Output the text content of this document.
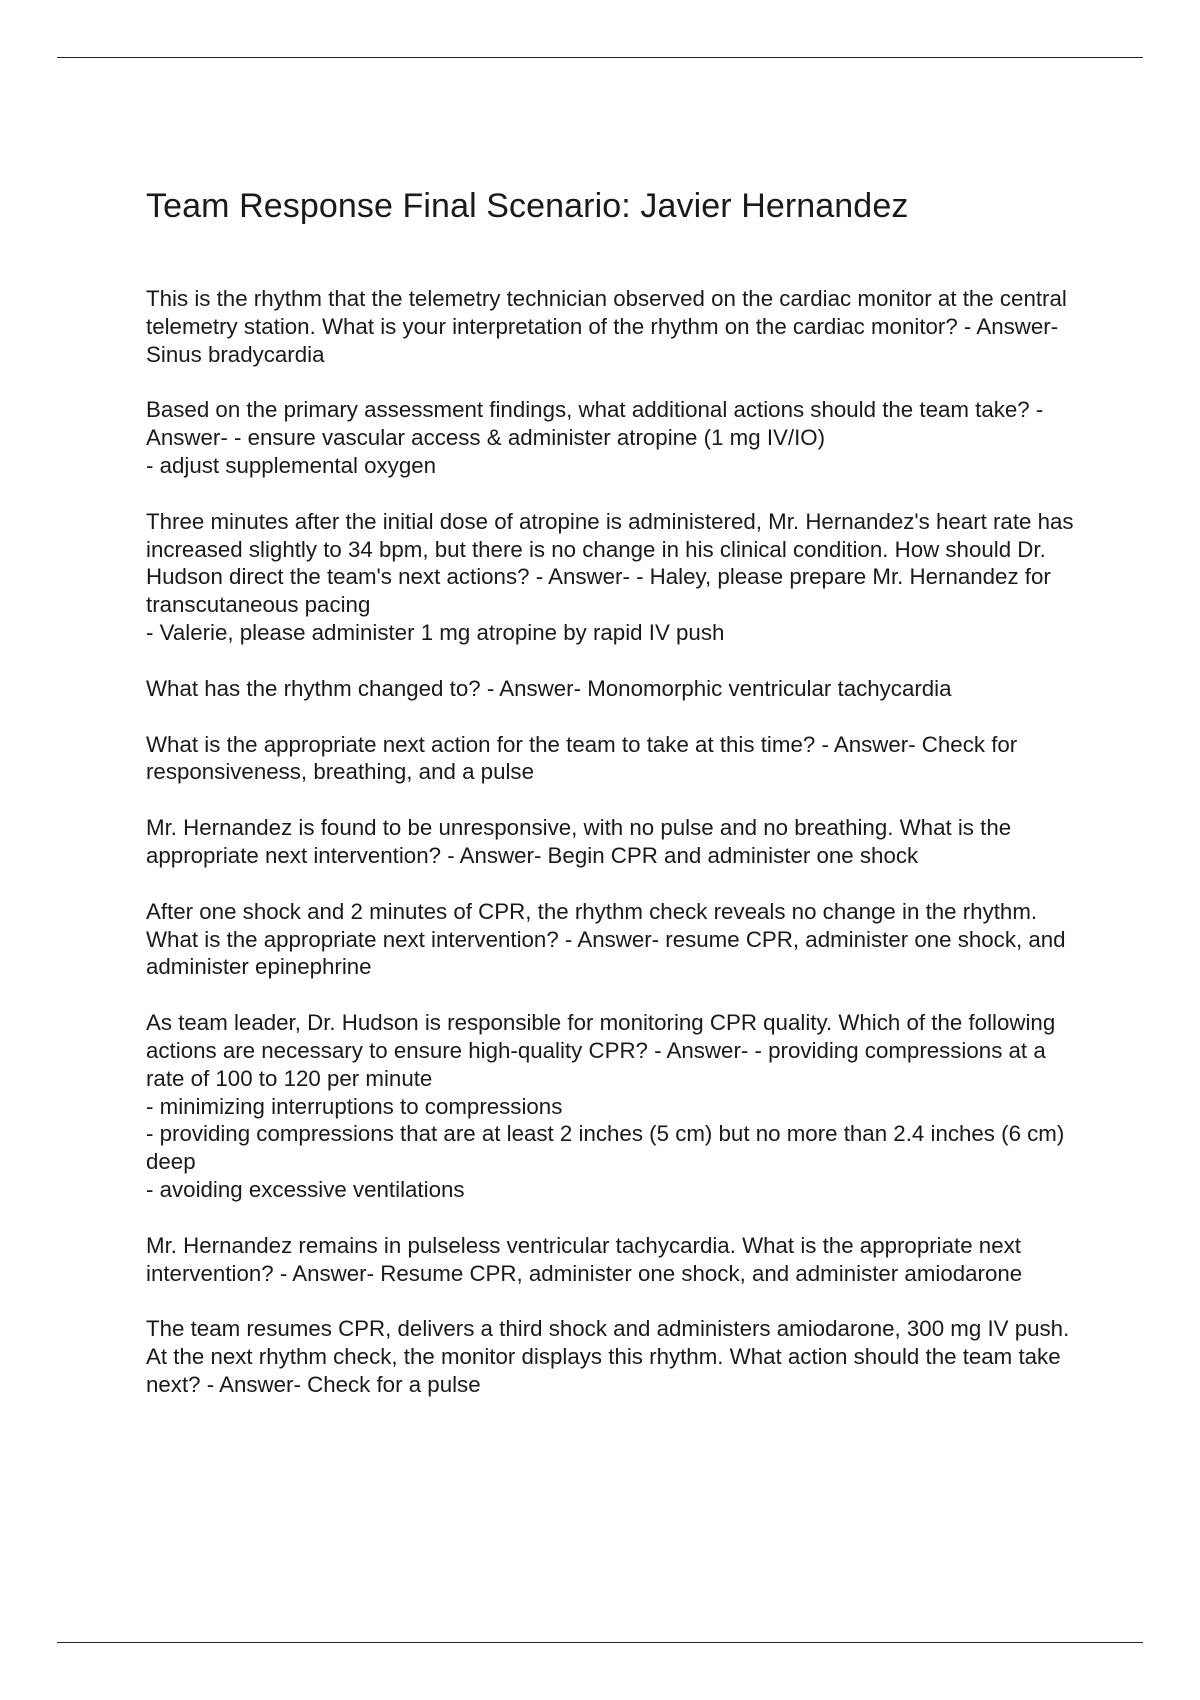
Team Response Final Scenario: Javier Hernandez
This is the rhythm that the telemetry technician observed on the cardiac monitor at the central telemetry station. What is your interpretation of the rhythm on the cardiac monitor? - Answer- Sinus bradycardia
Based on the primary assessment findings, what additional actions should the team take? - Answer- - ensure vascular access & administer atropine (1 mg IV/IO)
- adjust supplemental oxygen
Three minutes after the initial dose of atropine is administered, Mr. Hernandez's heart rate has increased slightly to 34 bpm, but there is no change in his clinical condition. How should Dr. Hudson direct the team's next actions? - Answer- - Haley, please prepare Mr. Hernandez for transcutaneous pacing
- Valerie, please administer 1 mg atropine by rapid IV push
What has the rhythm changed to? - Answer- Monomorphic ventricular tachycardia
What is the appropriate next action for the team to take at this time? - Answer- Check for responsiveness, breathing, and a pulse
Mr. Hernandez is found to be unresponsive, with no pulse and no breathing. What is the appropriate next intervention? - Answer- Begin CPR and administer one shock
After one shock and 2 minutes of CPR, the rhythm check reveals no change in the rhythm. What is the appropriate next intervention? - Answer- resume CPR, administer one shock, and administer epinephrine
As team leader, Dr. Hudson is responsible for monitoring CPR quality. Which of the following actions are necessary to ensure high-quality CPR? - Answer- - providing compressions at a rate of 100 to 120 per minute
- minimizing interruptions to compressions
- providing compressions that are at least 2 inches (5 cm) but no more than 2.4 inches (6 cm) deep
- avoiding excessive ventilations
Mr. Hernandez remains in pulseless ventricular tachycardia. What is the appropriate next intervention? - Answer- Resume CPR, administer one shock, and administer amiodarone
The team resumes CPR, delivers a third shock and administers amiodarone, 300 mg IV push. At the next rhythm check, the monitor displays this rhythm. What action should the team take next? - Answer- Check for a pulse
